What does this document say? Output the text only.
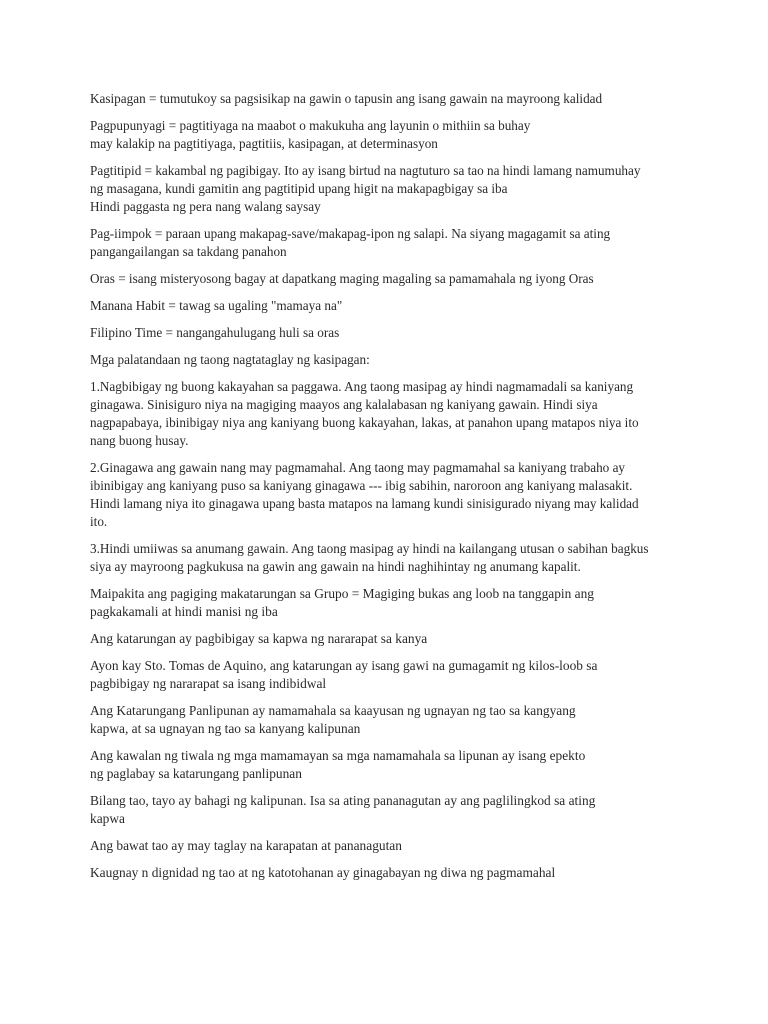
Kasipagan = tumutukoy sa pagsisikap na gawin o tapusin ang isang gawain na mayroong kalidad

Pagpupunyagi = pagtitiyaga na maabot o makukuha ang layunin o mithiin sa buhay
may kalakip na pagtitiyaga, pagtitiis, kasipagan, at determinasyon

Pagtitipid = kakambal ng pagibigay. Ito ay isang birtud na nagtuturo sa tao na hindi lamang namumuhay
ng masagana, kundi gamitin ang pagtitipid upang higit na makapagbigay sa iba
Hindi paggasta ng pera nang walang saysay

Pag-iimpok = paraan upang makapag-save/makapag-ipon ng salapi. Na siyang magagamit sa ating
pangangailangan sa takdang panahon

Oras = isang misteryosong bagay at dapatkang maging magaling sa pamamahala ng iyong Oras

Manana Habit = tawag sa ugaling "mamaya na"

Filipino Time = nangangahulugang huli sa oras

Mga palatandaan ng taong nagtataglay ng kasipagan:

1.Nagbibigay ng buong kakayahan sa paggawa. Ang taong masipag ay hindi nagmamadali sa kaniyang
ginagawa. Sinisiguro niya na magiging maayos ang kalalabasan ng kaniyang gawain. Hindi siya
nagpapabaya, ibinibigay niya ang kaniyang buong kakayahan, lakas, at panahon upang matapos niya ito
nang buong husay.

2.Ginagawa ang gawain nang may pagmamahal. Ang taong may pagmamahal sa kaniyang trabaho ay
ibinibigay ang kaniyang puso sa kaniyang ginagawa --- ibig sabihin, naroroon ang kaniyang malasakit.
Hindi lamang niya ito ginagawa upang basta matapos na lamang kundi sinisigurado niyang may kalidad
ito.

3.Hindi umiiwas sa anumang gawain. Ang taong masipag ay hindi na kailangang utusan o sabihan bagkus
siya ay mayroong pagkukusa na gawin ang gawain na hindi naghihintay ng anumang kapalit.

Maipakita ang pagiging makatarungan sa Grupo = Magiging bukas ang loob na tanggapin ang
pagkakamali at hindi manisi ng iba

Ang katarungan ay pagbibigay sa kapwa ng nararapat sa kanya

Ayon kay Sto. Tomas de Aquino, ang katarungan ay isang gawi na gumagamit ng kilos-loob sa
pagbibigay ng nararapat sa isang indibidwal

Ang Katarungang Panlipunan ay namamahala sa kaayusan ng ugnayan ng tao sa kangyang
kapwa, at sa ugnayan ng tao sa kanyang kalipunan

Ang kawalan ng tiwala ng mga mamamayan sa mga namamahala sa lipunan ay isang epekto
ng paglabay sa katarungang panlipunan

Bilang tao, tayo ay bahagi ng kalipunan. Isa sa ating pananagutan ay ang paglilingkod sa ating
kapwa

Ang bawat tao ay may taglay na karapatan at pananagutan

Kaugnay n dignidad ng tao at ng katotohanan ay ginagabayan ng diwa ng pagmamahal
